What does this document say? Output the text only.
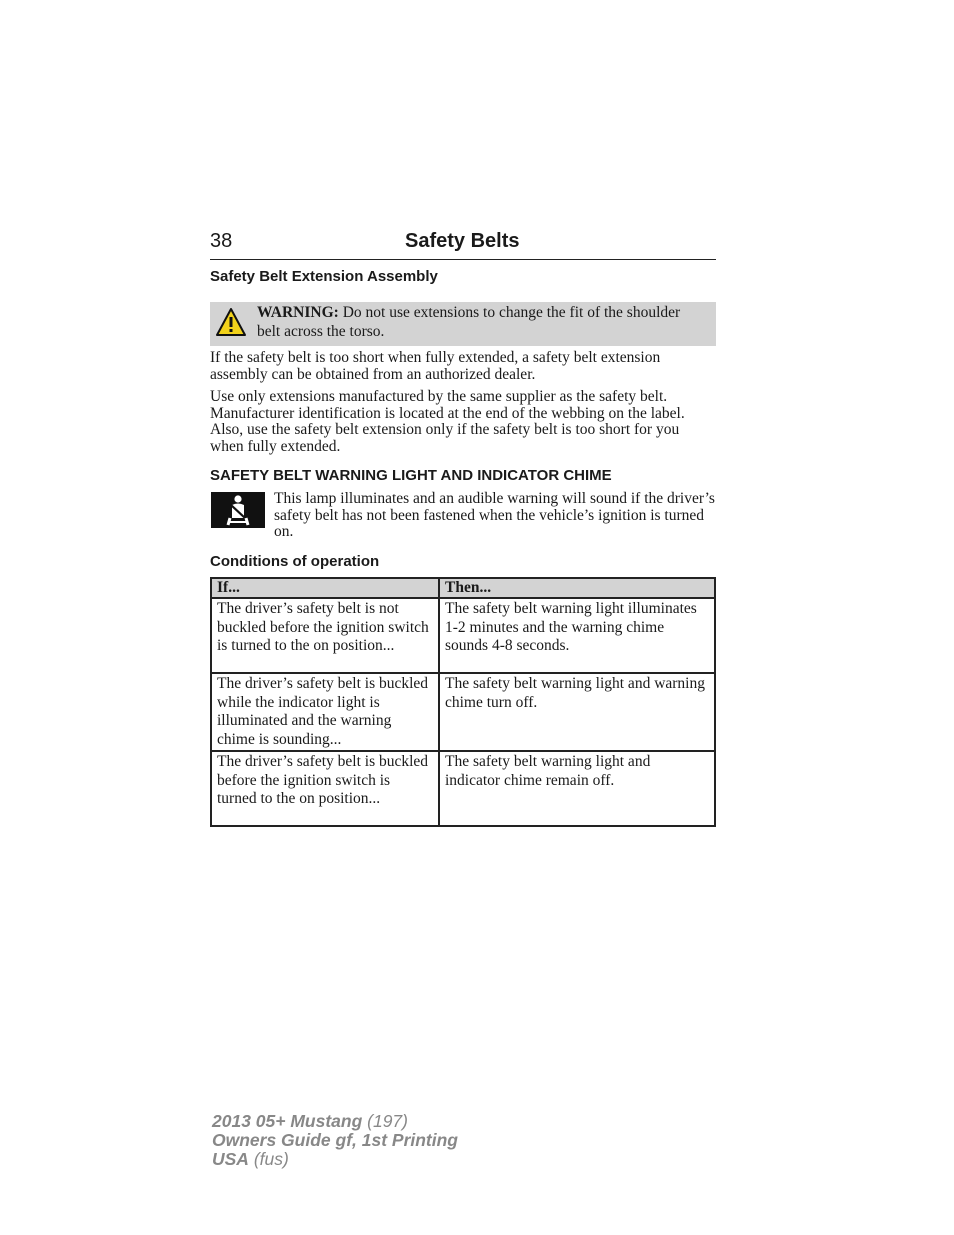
38	Safety Belts
Safety Belt Extension Assembly
WARNING: Do not use extensions to change the fit of the shoulder belt across the torso.
If the safety belt is too short when fully extended, a safety belt extension assembly can be obtained from an authorized dealer.
Use only extensions manufactured by the same supplier as the safety belt. Manufacturer identification is located at the end of the webbing on the label. Also, use the safety belt extension only if the safety belt is too short for you when fully extended.
SAFETY BELT WARNING LIGHT AND INDICATOR CHIME
This lamp illuminates and an audible warning will sound if the driver’s safety belt has not been fastened when the vehicle’s ignition is turned on.
Conditions of operation
If...	Then...
The driver’s safety belt is not buckled before the ignition switch is turned to the on position...	The safety belt warning light illuminates 1-2 minutes and the warning chime sounds 4-8 seconds.
The driver’s safety belt is buckled while the indicator light is illuminated and the warning chime is sounding...	The safety belt warning light and warning chime turn off.
The driver’s safety belt is buckled before the ignition switch is turned to the on position...	The safety belt warning light and indicator chime remain off.
2013 05+ Mustang (197)
Owners Guide gf, 1st Printing
USA (fus)
